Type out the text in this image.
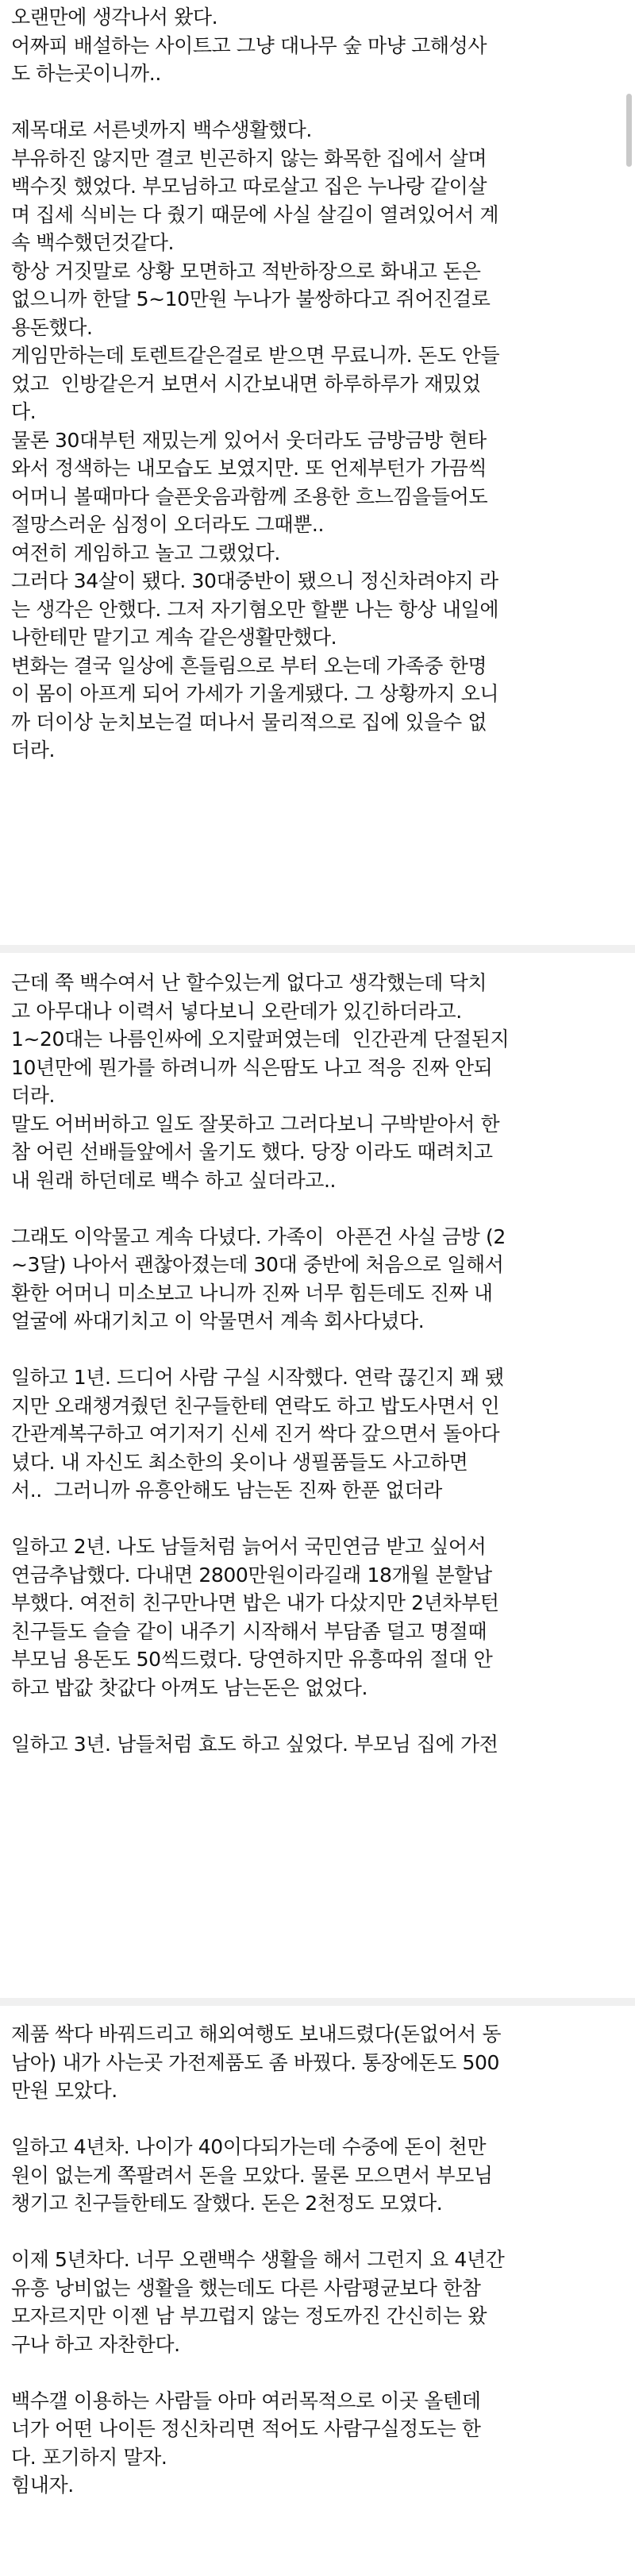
오랜만에 생각나서 왔다.
어짜피 배설하는 사이트고 그냥 대나무 숲 마냥 고해성사
도 하는곳이니까..

제목대로 서른넷까지 백수생활했다.
부유하진 않지만 결코 빈곤하지 않는 화목한 집에서 살며
백수짓 했었다. 부모님하고 따로살고 집은 누나랑 같이살
며 집세 식비는 다 줬기 때문에 사실 살길이 열려있어서 계
속 백수했던것같다.
항상 거짓말로 상황 모면하고 적반하장으로 화내고 돈은
없으니까 한달 5~10만원 누나가 불쌍하다고 쥐어진걸로
용돈했다.
게임만하는데 토렌트같은걸로 받으면 무료니까. 돈도 안들
었고  인방같은거 보면서 시간보내면 하루하루가 재밌었
다.
물론 30대부턴 재밌는게 있어서 웃더라도 금방금방 현타
와서 정색하는 내모습도 보였지만. 또 언제부턴가 가끔씩
어머니 볼때마다 슬픈웃음과함께 조용한 흐느낌을들어도
절망스러운 심정이 오더라도 그때뿐..
여전히 게임하고 놀고 그랬었다.
그러다 34살이 됐다. 30대중반이 됐으니 정신차려야지 라
는 생각은 안했다. 그저 자기혐오만 할뿐 나는 항상 내일에
나한테만 맡기고 계속 같은생활만했다.
변화는 결국 일상에 흔들림으로 부터 오는데 가족중 한명
이 몸이 아프게 되어 가세가 기울게됐다. 그 상황까지 오니
까 더이상 눈치보는걸 떠나서 물리적으로 집에 있을수 없
더라.
근데 쭉 백수여서 난 할수있는게 없다고 생각했는데 닥치
고 아무대나 이력서 넣다보니 오란데가 있긴하더라고.
1~20대는 나름인싸에 오지랖퍼였는데  인간관계 단절된지
10년만에 뭔가를 하려니까 식은땀도 나고 적응 진짜 안되
더라.
말도 어버버하고 일도 잘못하고 그러다보니 구박받아서 한
참 어린 선배들앞에서 울기도 했다. 당장 이라도 때려치고
내 원래 하던데로 백수 하고 싶더라고..

그래도 이악물고 계속 다녔다. 가족이  아픈건 사실 금방 (2
~3달) 나아서 괜찮아졌는데 30대 중반에 처음으로 일해서
환한 어머니 미소보고 나니까 진짜 너무 힘든데도 진짜 내
얼굴에 싸대기치고 이 악물면서 계속 회사다녔다.

일하고 1년. 드디어 사람 구실 시작했다. 연락 끊긴지 꽤 됐
지만 오래챙겨줬던 친구들한테 연락도 하고 밥도사면서 인
간관계복구하고 여기저기 신세 진거 싹다 갚으면서 돌아다
녔다. 내 자신도 최소한의 옷이나 생필품들도 사고하면
서..  그러니까 유흥안해도 남는돈 진짜 한푼 없더라

일하고 2년. 나도 남들처럼 늙어서 국민연금 받고 싶어서
연금추납했다. 다내면 2800만원이라길래 18개월 분할납
부했다. 여전히 친구만나면 밥은 내가 다샀지만 2년차부턴
친구들도 슬슬 같이 내주기 시작해서 부담좀 덜고 명절때
부모님 용돈도 50씩드렸다. 당연하지만 유흥따위 절대 안
하고 밥값 찻값다 아껴도 남는돈은 없었다.

일하고 3년. 남들처럼 효도 하고 싶었다. 부모님 집에 가전
제품 싹다 바꿔드리고 해외여행도 보내드렸다(돈없어서 동
남아) 내가 사는곳 가전제품도 좀 바꿨다. 통장에돈도 500
만원 모았다.

일하고 4년차. 나이가 40이다되가는데 수중에 돈이 천만
원이 없는게 쪽팔려서 돈을 모았다. 물론 모으면서 부모님
챙기고 친구들한테도 잘했다. 돈은 2천정도 모였다.

이제 5년차다. 너무 오랜백수 생활을 해서 그런지 요 4년간
유흥 낭비없는 생활을 했는데도 다른 사람평균보다 한참
모자르지만 이젠 남 부끄럽지 않는 정도까진 간신히는 왔
구나 하고 자찬한다.

백수갤 이용하는 사람들 아마 여러목적으로 이곳 올텐데
너가 어떤 나이든 정신차리면 적어도 사람구실정도는 한
다. 포기하지 말자.
힘내자.
